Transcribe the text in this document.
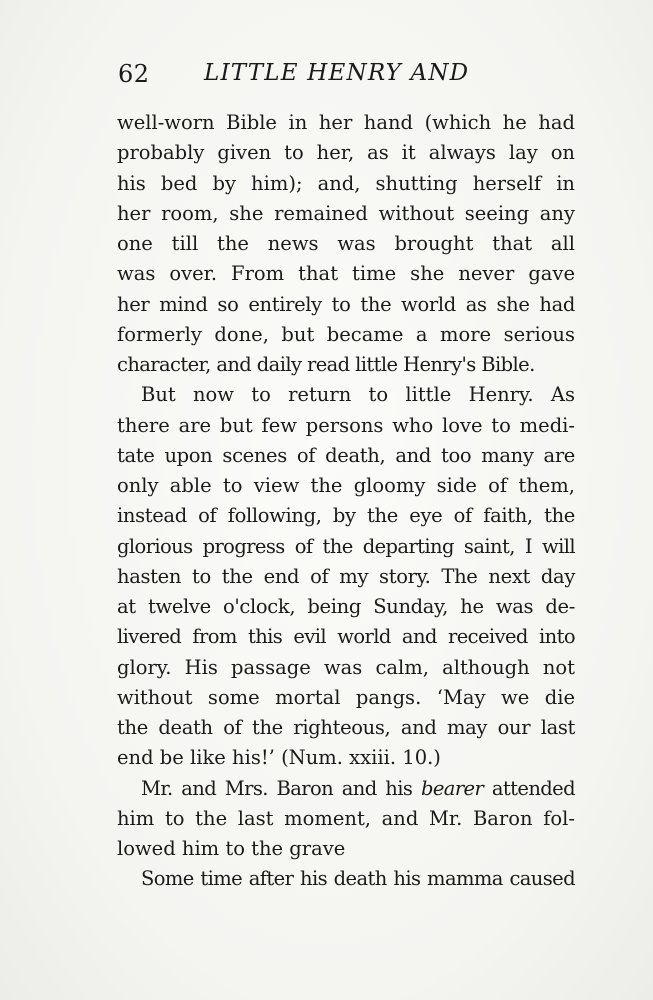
62 LITTLE HENRY AND
well-worn Bible in her hand (which he had
probably given to her, as it always lay on
his bed by him); and, shutting herself in
her room, she remained without seeing any
one till the news was brought that all
was over. From that time she never gave
her mind so entirely to the world as she had
formerly done, but became a more serious
character, and daily read little Henry's Bible.
But now to return to little Henry. As
there are but few persons who love to medi-
tate upon scenes of death, and too many are
only able to view the gloomy side of them,
instead of following, by the eye of faith, the
glorious progress of the departing saint, I will
hasten to the end of my story. The next day
at twelve o'clock, being Sunday, he was de-
livered from this evil world and received into
glory. His passage was calm, although not
without some mortal pangs. ‘May we die
the death of the righteous, and may our last
end be like his!’ (Num. xxiii. 10.)
Mr. and Mrs. Baron and his bearer attended
him to the last moment, and Mr. Baron fol-
lowed him to the grave
Some time after his death his mamma caused
